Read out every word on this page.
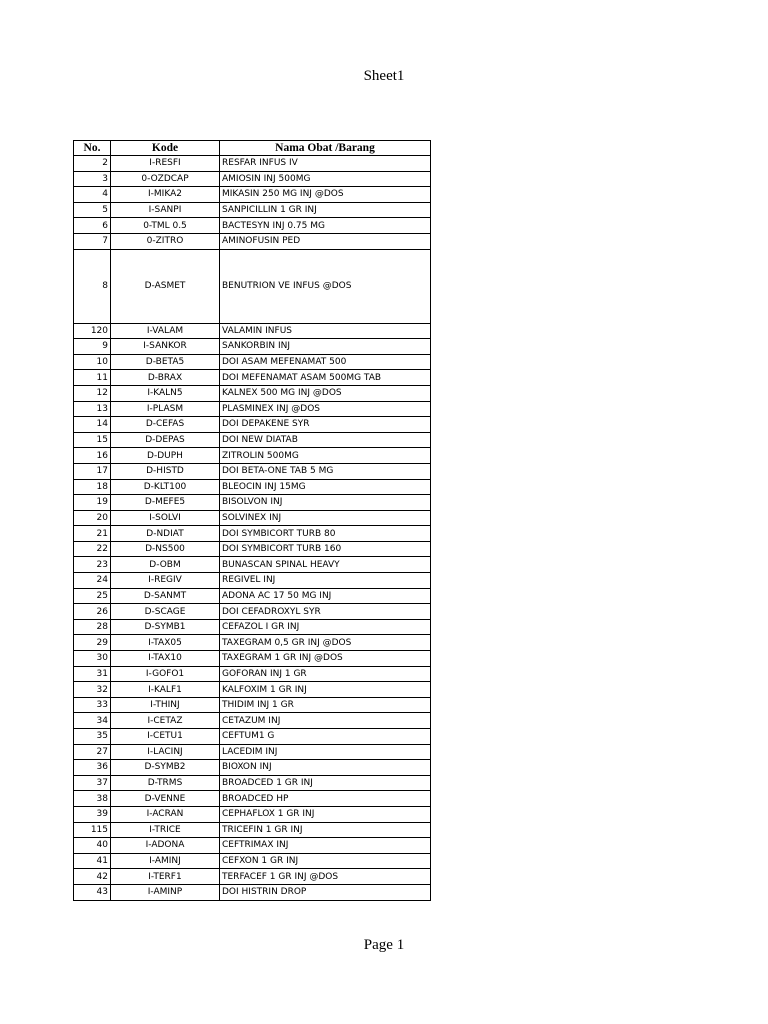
Sheet1
No.	Kode	Nama Obat /Barang
2	I-RESFI	RESFAR INFUS IV
3	0-OZDCAP	AMIOSIN INJ 500MG
4	I-MIKA2	MIKASIN 250 MG INJ @DOS
5	I-SANPI	SANPICILLIN 1 GR INJ
6	0-TML 0.5	BACTESYN INJ 0.75 MG
7	0-ZITRO	AMINOFUSIN PED
8	D-ASMET	BENUTRION VE INFUS @DOS
120	I-VALAM	VALAMIN INFUS
9	I-SANKOR	SANKORBIN INJ
10	D-BETA5	DOI ASAM MEFENAMAT 500
11	D-BRAX	DOI MEFENAMAT ASAM 500MG TAB
12	I-KALN5	KALNEX 500 MG INJ @DOS
13	I-PLASM	PLASMINEX INJ @DOS
14	D-CEFAS	DOI DEPAKENE SYR
15	D-DEPAS	DOI NEW DIATAB
16	D-DUPH	ZITROLIN 500MG
17	D-HISTD	DOI BETA-ONE TAB 5 MG
18	D-KLT100	BLEOCIN INJ 15MG
19	D-MEFE5	BISOLVON INJ
20	I-SOLVI	SOLVINEX INJ
21	D-NDIAT	DOI SYMBICORT TURB 80
22	D-NS500	DOI SYMBICORT TURB 160
23	D-OBM	BUNASCAN SPINAL HEAVY
24	I-REGIV	REGIVEL INJ
25	D-SANMT	ADONA AC 17 50 MG INJ
26	D-SCAGE	DOI CEFADROXYL SYR
28	D-SYMB1	CEFAZOL I GR INJ
29	I-TAX05	TAXEGRAM 0,5 GR INJ @DOS
30	I-TAX10	TAXEGRAM 1 GR INJ @DOS
31	I-GOFO1	GOFORAN INJ 1 GR
32	I-KALF1	KALFOXIM 1 GR INJ
33	I-THINJ	THIDIM INJ 1 GR
34	I-CETAZ	CETAZUM INJ
35	I-CETU1	CEFTUM1 G
27	I-LACINJ	LACEDIM INJ
36	D-SYMB2	BIOXON INJ
37	D-TRMS	BROADCED 1 GR INJ
38	D-VENNE	BROADCED HP
39	I-ACRAN	CEPHAFLOX 1 GR INJ
115	I-TRICE	TRICEFIN 1 GR INJ
40	I-ADONA	CEFTRIMAX INJ
41	I-AMINJ	CEFXON 1 GR INJ
42	I-TERF1	TERFACEF 1 GR INJ @DOS
43	I-AMINP	DOI HISTRIN DROP
Page 1
